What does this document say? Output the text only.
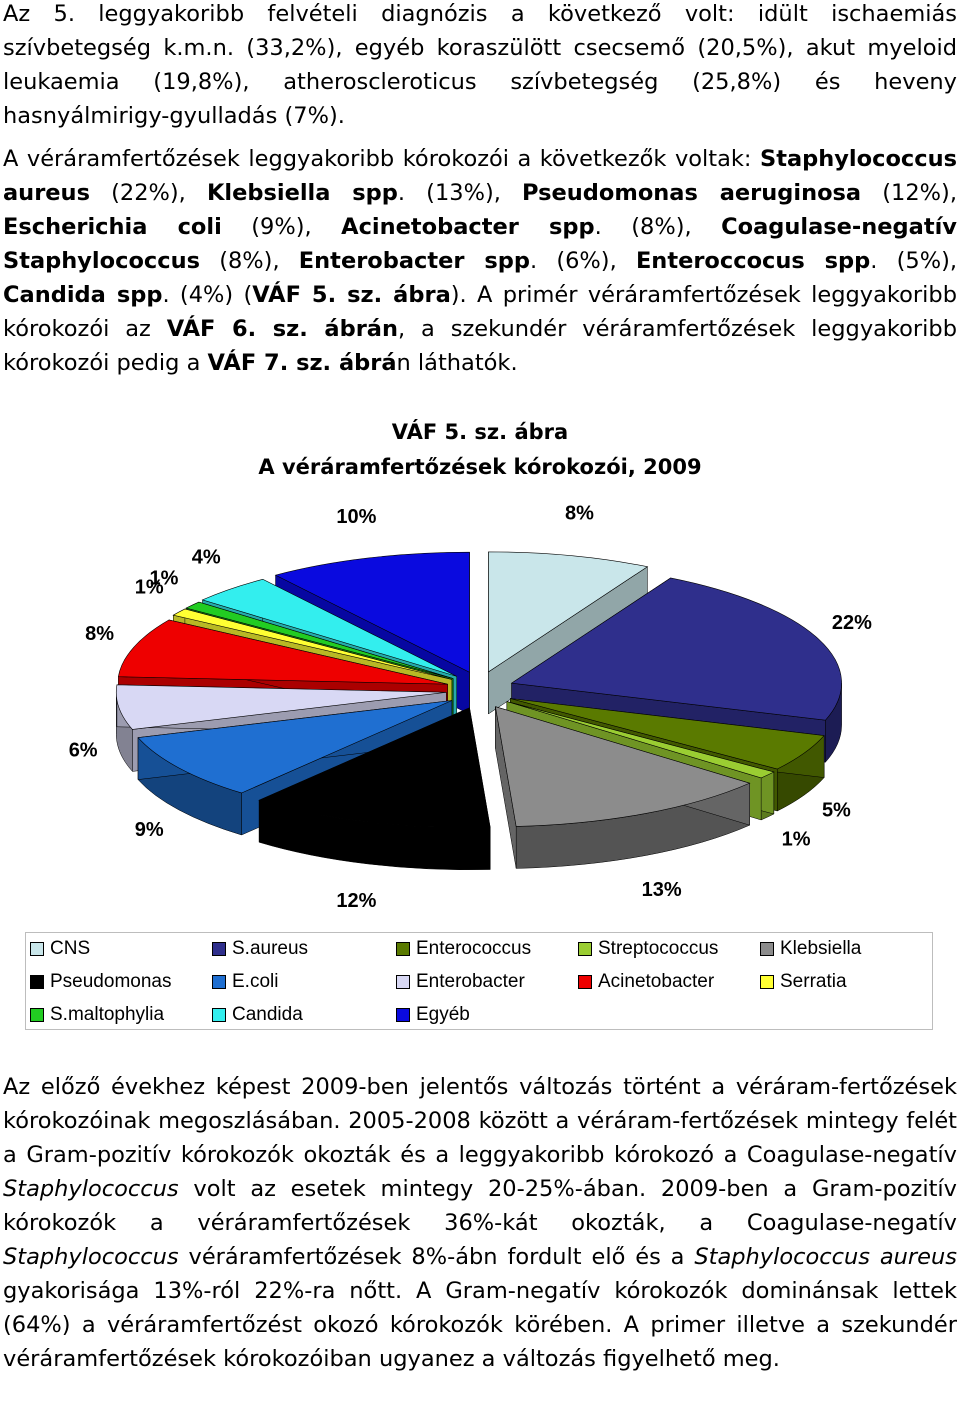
Az 5. leggyakoribb felvételi diagnózis a következő volt: idült ischaemiás szívbetegség k.m.n. (33,2%), egyéb koraszülött csecsemő (20,5%), akut myeloid leukaemia (19,8%), atheroscleroticus szívbetegség (25,8%) és heveny hasnyálmirigy-gyulladás (7%).

A véráramfertőzések leggyakoribb kórokozói a következők voltak: Staphylococcus aureus (22%), Klebsiella spp. (13%), Pseudomonas aeruginosa (12%), Escherichia coli (9%), Acinetobacter spp. (8%), Coagulase-negatív Staphylococcus (8%), Enterobacter spp. (6%), Enteroccocus spp. (5%), Candida spp. (4%) (VÁF 5. sz. ábra). A primér véráramfertőzések leggyakoribb kórokozói az VÁF 6. sz. ábrán, a szekundér véráramfertőzések leggyakoribb kórokozói pedig a VÁF 7. sz. ábrán láthatók.

VÁF 5. sz. ábra
A véráramfertőzések kórokozói, 2009
8%
22%
5%
1%
13%
12%
9%
6%
8%
1%
1%
4%
10%
CNS	S.aureus	Enterococcus	Streptococcus	Klebsiella
Pseudomonas	E.coli	Enterobacter	Acinetobacter	Serratia
S.maltophylia	Candida	Egyéb

Az előző évekhez képest 2009-ben jelentős változás történt a véráram-fertőzések kórokozóinak megoszlásában. 2005-2008 között a véráram-fertőzések mintegy felét a Gram-pozitív kórokozók okozták és a leggyakoribb kórokozó a Coagulase-negatív Staphylococcus volt az esetek mintegy 20-25%-ában. 2009-ben a Gram-pozitív kórokozók a véráramfertőzések 36%-kát okozták, a Coagulase-negatív Staphylococcus véráramfertőzések 8%-ábn fordult elő és a Staphylococcus aureus gyakorisága 13%-ról 22%-ra nőtt. A Gram-negatív kórokozók dominánsak lettek (64%) a véráramfertőzést okozó kórokozók körében. A primer illetve a szekundér véráramfertőzések kórokozóiban ugyanez a változás figyelhető meg.
